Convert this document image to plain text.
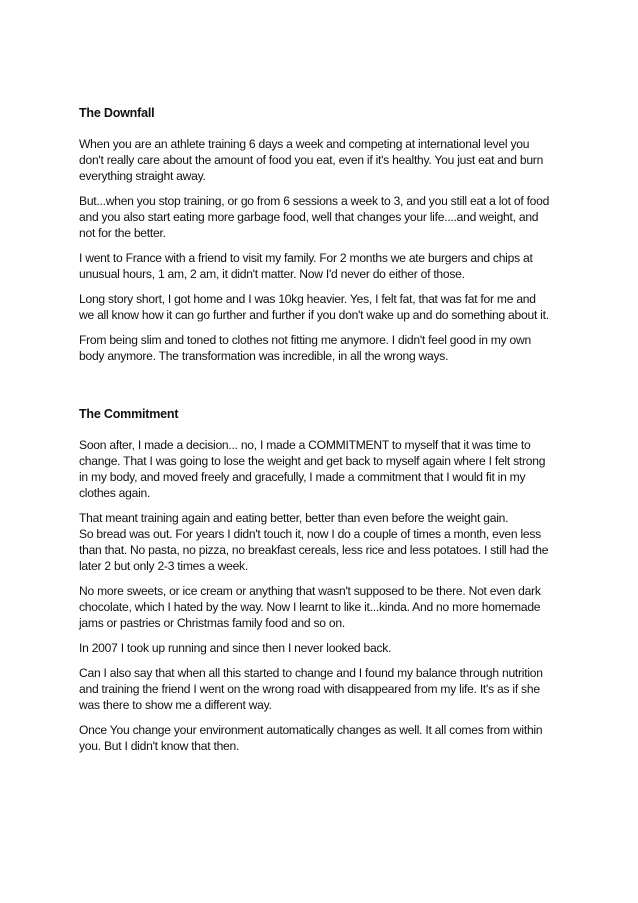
The Downfall

When you are an athlete training 6 days a week and competing at international level you
don't really care about the amount of food you eat, even if it's healthy. You just eat and burn
everything straight away.

But...when you stop training, or go from 6 sessions a week to 3, and you still eat a lot of food
and you also start eating more garbage food, well that changes your life....and weight, and
not for the better.

I went to France with a friend to visit my family. For 2 months we ate burgers and chips at
unusual hours, 1 am, 2 am, it didn't matter. Now I'd never do either of those.

Long story short, I got home and I was 10kg heavier. Yes, I felt fat, that was fat for me and
we all know how it can go further and further if you don't wake up and do something about it.

From being slim and toned to clothes not fitting me anymore. I didn't feel good in my own
body anymore. The transformation was incredible, in all the wrong ways.

The Commitment

Soon after, I made a decision... no, I made a COMMITMENT to myself that it was time to
change. That I was going to lose the weight and get back to myself again where I felt strong
in my body, and moved freely and gracefully, I made a commitment that I would fit in my
clothes again.

That meant training again and eating better, better than even before the weight gain.
So bread was out. For years I didn't touch it, now I do a couple of times a month, even less
than that. No pasta, no pizza, no breakfast cereals, less rice and less potatoes. I still had the
later 2 but only 2-3 times a week.

No more sweets, or ice cream or anything that wasn't supposed to be there. Not even dark
chocolate, which I hated by the way. Now I learnt to like it...kinda. And no more homemade
jams or pastries or Christmas family food and so on.

In 2007 I took up running and since then I never looked back.

Can I also say that when all this started to change and I found my balance through nutrition
and training the friend I went on the wrong road with disappeared from my life. It's as if she
was there to show me a different way.

Once You change your environment automatically changes as well. It all comes from within
you. But I didn't know that then.
